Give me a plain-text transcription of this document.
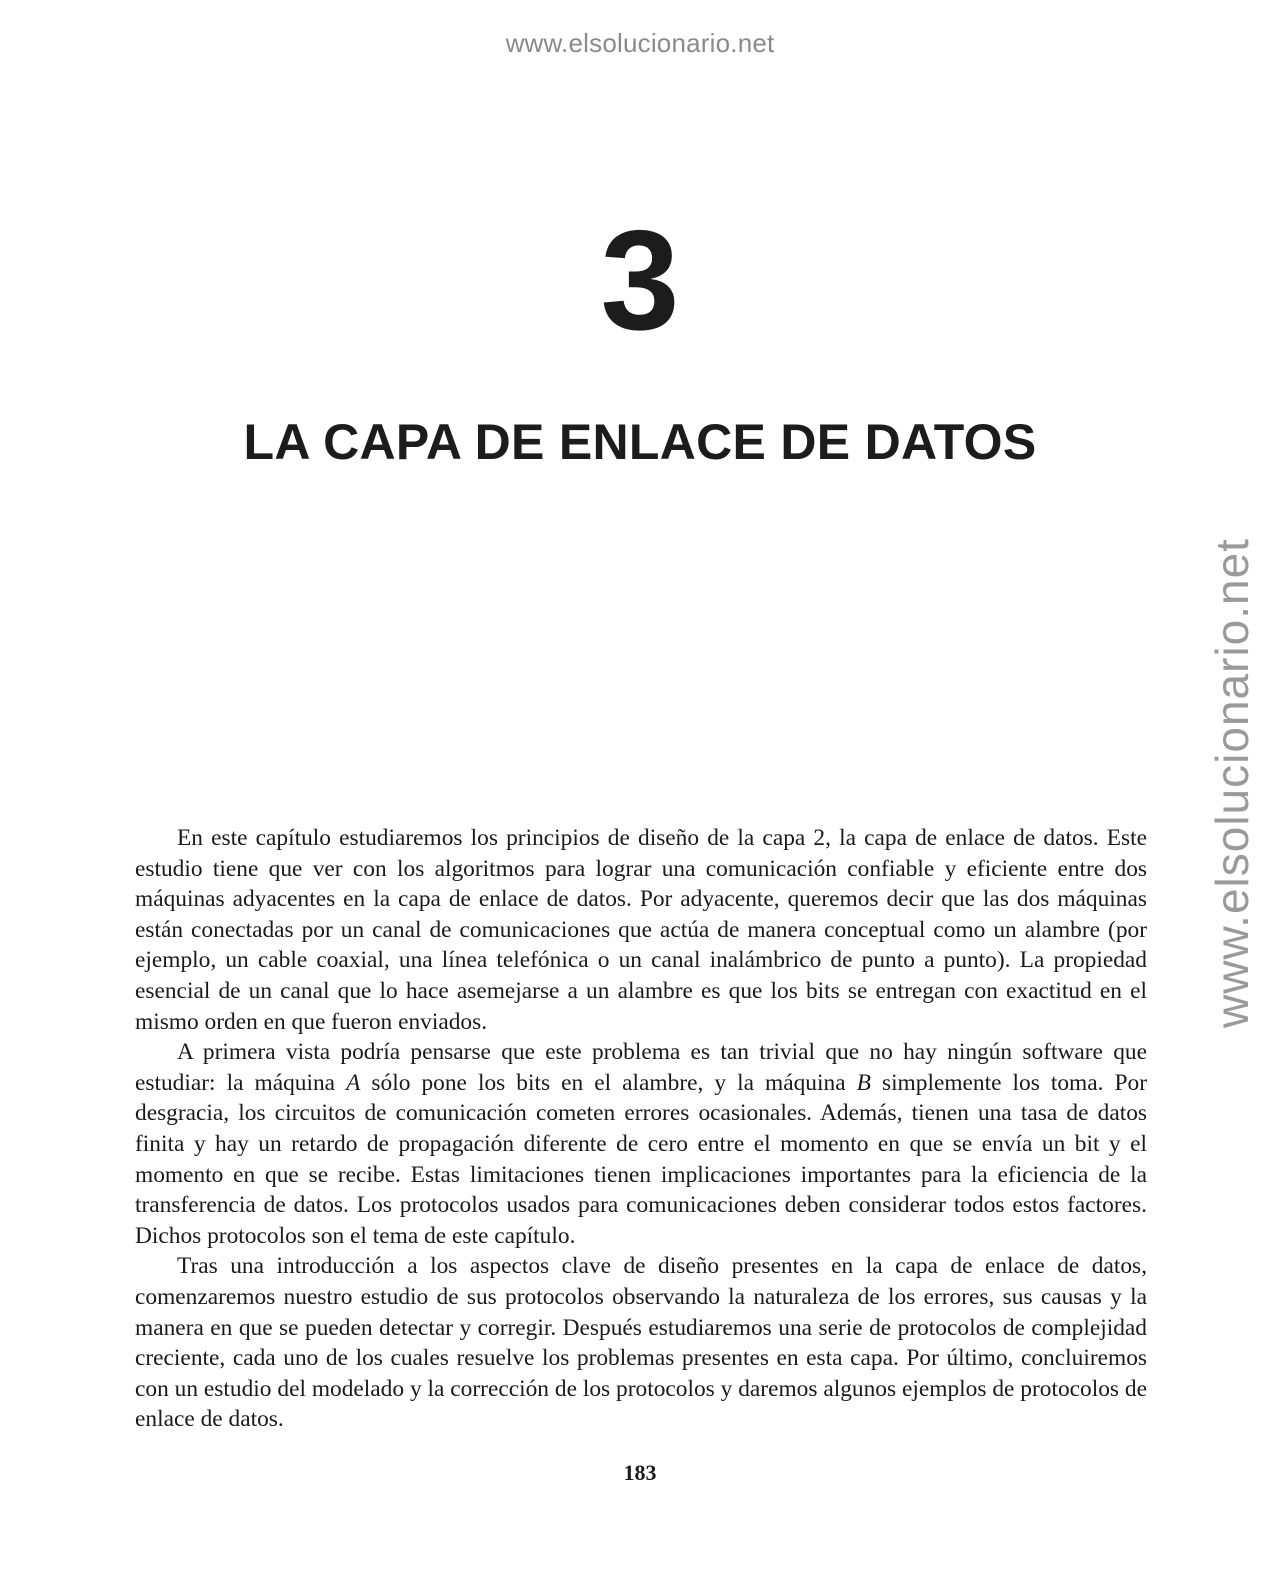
www.elsolucionario.net
www.elsolucionario.net
3
LA CAPA DE ENLACE DE DATOS

En este capítulo estudiaremos los principios de diseño de la capa 2, la capa de enlace de datos. Este estudio tiene que ver con los algoritmos para lograr una comunicación confiable y eficiente entre dos máquinas adyacentes en la capa de enlace de datos. Por adyacente, queremos decir que las dos máquinas están conectadas por un canal de comunicaciones que actúa de manera conceptual como un alambre (por ejemplo, un cable coaxial, una línea telefónica o un canal inalámbrico de punto a punto). La propiedad esencial de un canal que lo hace asemejarse a un alambre es que los bits se entregan con exactitud en el mismo orden en que fueron enviados.

A primera vista podría pensarse que este problema es tan trivial que no hay ningún software que estudiar: la máquina A sólo pone los bits en el alambre, y la máquina B simplemente los toma. Por desgracia, los circuitos de comunicación cometen errores ocasionales. Además, tienen una tasa de datos finita y hay un retardo de propagación diferente de cero entre el momento en que se envía un bit y el momento en que se recibe. Estas limitaciones tienen implicaciones importantes para la eficiencia de la transferencia de datos. Los protocolos usados para comunicaciones deben considerar todos estos factores. Dichos protocolos son el tema de este capítulo.

Tras una introducción a los aspectos clave de diseño presentes en la capa de enlace de datos, comenzaremos nuestro estudio de sus protocolos observando la naturaleza de los errores, sus causas y la manera en que se pueden detectar y corregir. Después estudiaremos una serie de protocolos de complejidad creciente, cada uno de los cuales resuelve los problemas presentes en esta capa. Por último, concluiremos con un estudio del modelado y la corrección de los protocolos y daremos algunos ejemplos de protocolos de enlace de datos.

183
